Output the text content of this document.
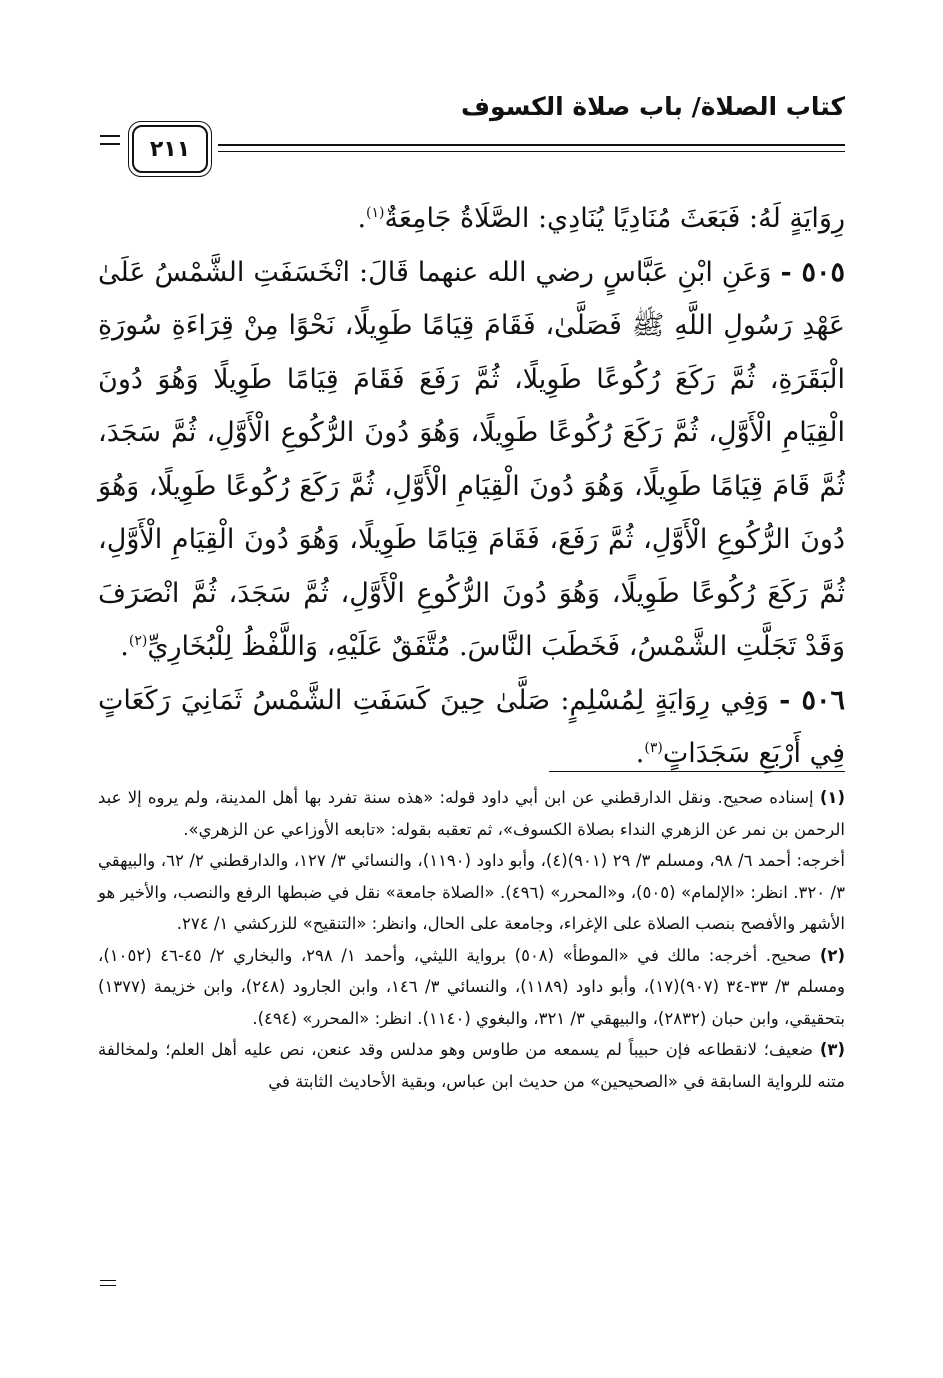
كتاب الصلاة/ باب صلاة الكسوف
٢١١

رِوَايَةٍ لَهُ: فَبَعَثَ مُنَادِيًا يُنَادِي: الصَّلَاةُ جَامِعَةٌ$^{(١)}$.

٥٠٥ - وَعَنِ ابْنِ عَبَّاسٍ رضي الله عنهما قَالَ: انْخَسَفَتِ الشَّمْسُ عَلَىٰ عَهْدِ رَسُولِ اللَّهِ ﷺ فَصَلَّىٰ، فَقَامَ قِيَامًا طَوِيلًا، نَحْوًا مِنْ قِرَاءَةِ سُورَةِ الْبَقَرَةِ، ثُمَّ رَكَعَ رُكُوعًا طَوِيلًا، ثُمَّ رَفَعَ فَقَامَ قِيَامًا طَوِيلًا وَهُوَ دُونَ الْقِيَامِ الْأَوَّلِ، ثُمَّ رَكَعَ رُكُوعًا طَوِيلًا، وَهُوَ دُونَ الرُّكُوعِ الْأَوَّلِ، ثُمَّ سَجَدَ، ثُمَّ قَامَ قِيَامًا طَوِيلًا، وَهُوَ دُونَ الْقِيَامِ الْأَوَّلِ، ثُمَّ رَكَعَ رُكُوعًا طَوِيلًا، وَهُوَ دُونَ الرُّكُوعِ الْأَوَّلِ، ثُمَّ رَفَعَ، فَقَامَ قِيَامًا طَوِيلًا، وَهُوَ دُونَ الْقِيَامِ الْأَوَّلِ، ثُمَّ رَكَعَ رُكُوعًا طَوِيلًا، وَهُوَ دُونَ الرُّكُوعِ الْأَوَّلِ، ثُمَّ سَجَدَ، ثُمَّ انْصَرَفَ وَقَدْ تَجَلَّتِ الشَّمْسُ، فَخَطَبَ النَّاسَ. مُتَّفَقٌ عَلَيْهِ، وَاللَّفْظُ لِلْبُخَارِيِّ$^{(٢)}$.

٥٠٦ - وَفِي رِوَايَةٍ لِمُسْلِمٍ: صَلَّىٰ حِينَ كَسَفَتِ الشَّمْسُ ثَمَانِيَ رَكَعَاتٍ فِي أَرْبَعِ سَجَدَاتٍ$^{(٣)}$.

(١) إسناده صحيح. ونقل الدارقطني عن ابن أبي داود قوله: «هذه سنة تفرد بها أهل المدينة، ولم يروه إلا عبد الرحمن بن نمر عن الزهري النداء بصلاة الكسوف»، ثم تعقبه بقوله: «تابعه الأوزاعي عن الزهري».

أخرجه: أحمد ٦/ ٩٨، ومسلم ٣/ ٢٩ (٩٠١)(٤)، وأبو داود (١١٩٠)، والنسائي ٣/ ١٢٧، والدارقطني ٢/ ٦٢، والبيهقي ٣/ ٣٢٠. انظر: «الإلمام» (٥٠٥)، و«المحرر» (٤٩٦). «الصلاة جامعة» نقل في ضبطها الرفع والنصب، والأخير هو الأشهر والأفصح بنصب الصلاة على الإغراء، وجامعة على الحال، وانظر: «التنقيح» للزركشي ١/ ٢٧٤.

(٢) صحيح. أخرجه: مالك في «الموطأ» (٥٠٨) برواية الليثي، وأحمد ١/ ٢٩٨، والبخاري ٢/ ٤٥-٤٦ (١٠٥٢)، ومسلم ٣/ ٣٣-٣٤ (٩٠٧)(١٧)، وأبو داود (١١٨٩)، والنسائي ٣/ ١٤٦، وابن الجارود (٢٤٨)، وابن خزيمة (١٣٧٧) بتحقيقي، وابن حبان (٢٨٣٢)، والبيهقي ٣/ ٣٢١، والبغوي (١١٤٠). انظر: «المحرر» (٤٩٤).

(٣) ضعيف؛ لانقطاعه فإن حبيباً لم يسمعه من طاوس وهو مدلس وقد عنعن، نص عليه أهل العلم؛ ولمخالفة متنه للرواية السابقة في «الصحيحين» من حديث ابن عباس، وبقية الأحاديث الثابتة في
